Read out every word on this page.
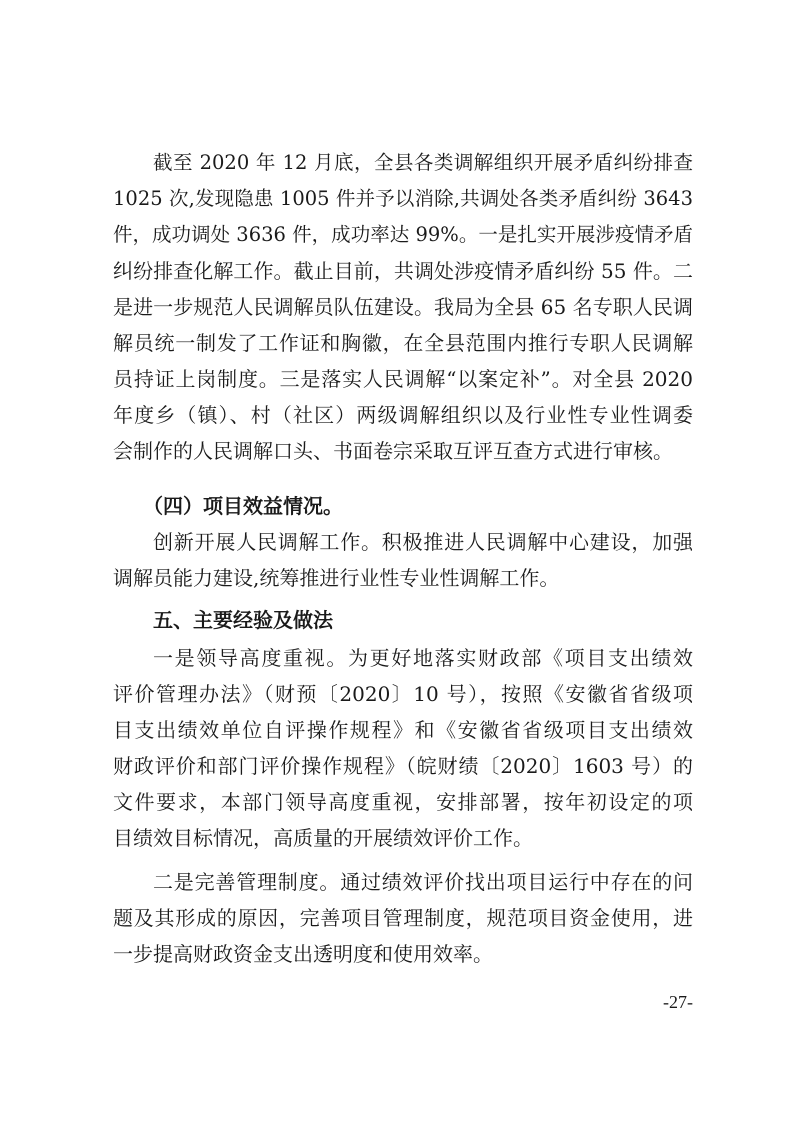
截至 2020 年 12 月底，全县各类调解组织开展矛盾纠纷排查
1025 次,发现隐患 1005 件并予以消除,共调处各类矛盾纠纷 3643
件，成功调处 3636 件，成功率达 99%。一是扎实开展涉疫情矛盾
纠纷排查化解工作。截止目前，共调处涉疫情矛盾纠纷 55 件。二
是进一步规范人民调解员队伍建设。我局为全县 65 名专职人民调
解员统一制发了工作证和胸徽，在全县范围内推行专职人民调解
员持证上岗制度。三是落实人民调解“以案定补”。对全县 2020
年度乡（镇）、村（社区）两级调解组织以及行业性专业性调委
会制作的人民调解口头、书面卷宗采取互评互查方式进行审核。
（四）项目效益情况。
创新开展人民调解工作。积极推进人民调解中心建设，加强
调解员能力建设,统筹推进行业性专业性调解工作。
五、主要经验及做法
一是领导高度重视。为更好地落实财政部《项目支出绩效
评价管理办法》（财预〔2020〕10 号），按照《安徽省省级项
目支出绩效单位自评操作规程》和《安徽省省级项目支出绩效
财政评价和部门评价操作规程》（皖财绩〔2020〕1603 号）的
文件要求，本部门领导高度重视，安排部署，按年初设定的项
目绩效目标情况，高质量的开展绩效评价工作。
二是完善管理制度。通过绩效评价找出项目运行中存在的问
题及其形成的原因，完善项目管理制度，规范项目资金使用，进
一步提高财政资金支出透明度和使用效率。
-27-
